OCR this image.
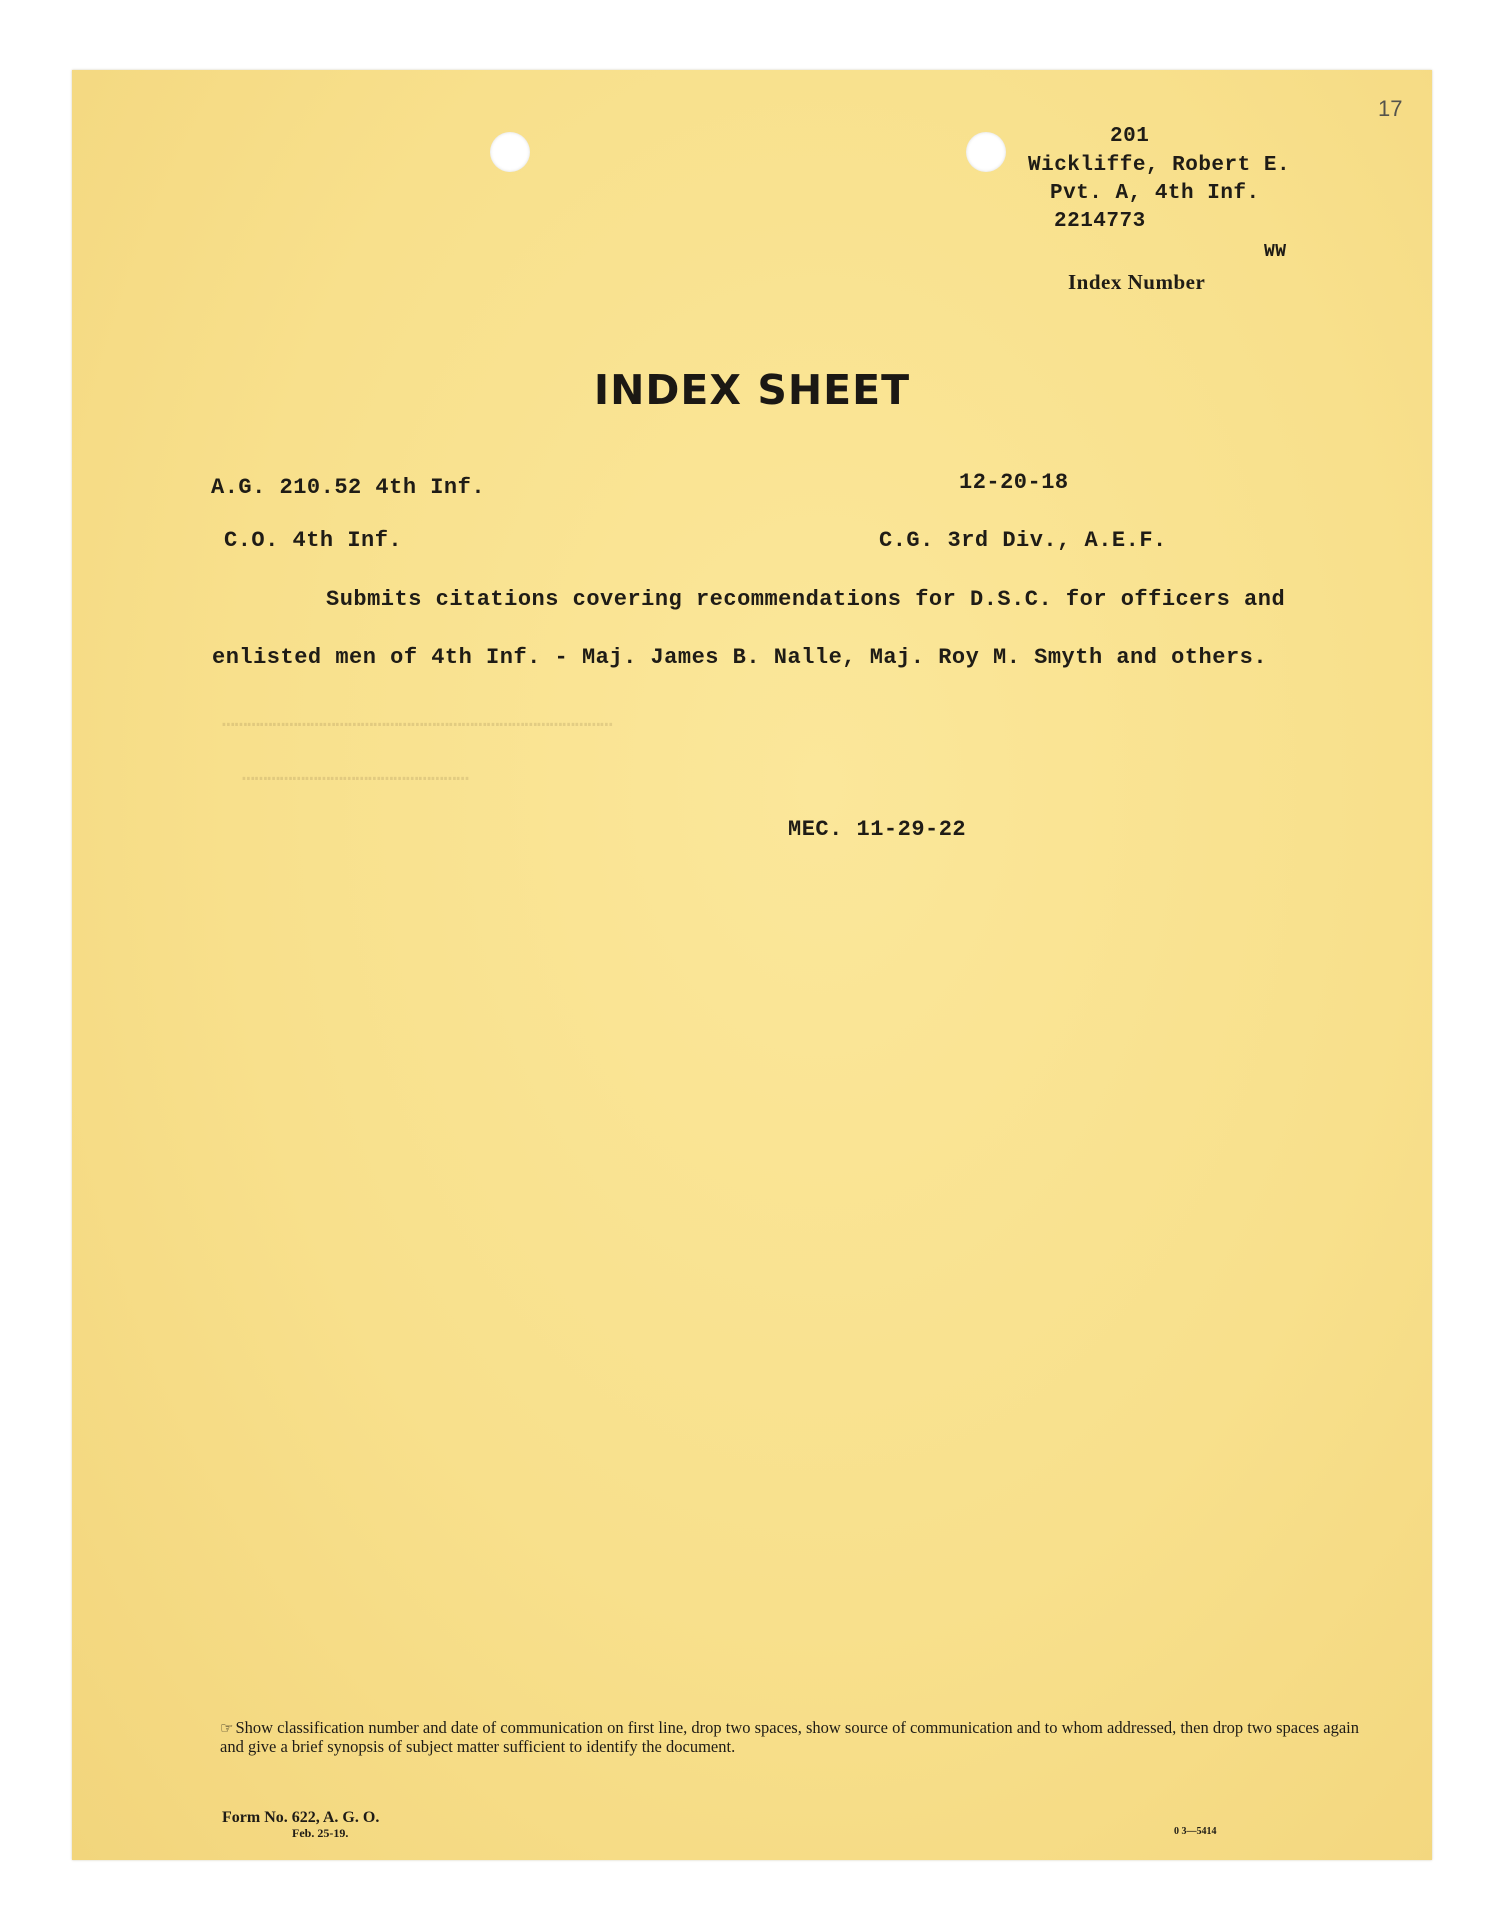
17
201
Wickliffe, Robert E.
Pvt. A, 4th Inf.
2214773
WW
Index Number
INDEX SHEET
A.G. 210.52 4th Inf.	12-20-18
C.O. 4th Inf.	C.G. 3rd Div., A.E.F.
Submits citations covering recommendations for D.S.C. for officers and
enlisted men of 4th Inf. - Maj. James B. Nalle, Maj. Roy M. Smyth and others.
…………………………………………………………………………………
………………………………………………
MEC. 11-29-22
☞ Show classification number and date of communication on first line, drop two spaces, show source of communication and to whom addressed, then drop two spaces again and give a brief synopsis of subject matter sufficient to identify the document.
Form No. 622, A. G. O.
Feb. 25-19.	0 3—5414
